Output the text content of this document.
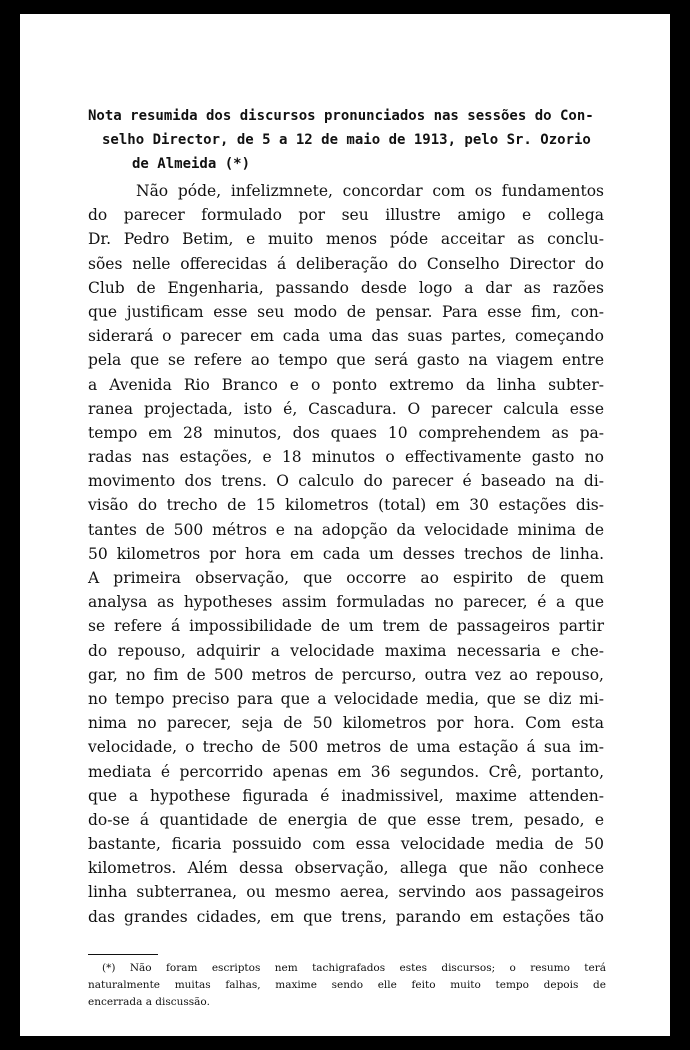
Nota resumida dos discursos pronunciados nas sessões do Con-
selho Director, de 5 a 12 de maio de 1913, pelo Sr. Ozorio
de Almeida (*)
Não póde, infelizmnete, concordar com os fundamentos
do parecer formulado por seu illustre amigo e collega
Dr. Pedro Betim, e muito menos póde acceitar as conclu-
sões nelle offerecidas á deliberação do Conselho Director do
Club de Engenharia, passando desde logo a dar as razões
que justificam esse seu modo de pensar. Para esse fim, con-
siderará o parecer em cada uma das suas partes, começando
pela que se refere ao tempo que será gasto na viagem entre
a Avenida Rio Branco e o ponto extremo da linha subter-
ranea projectada, isto é, Cascadura. O parecer calcula esse
tempo em 28 minutos, dos quaes 10 comprehendem as pa-
radas nas estações, e 18 minutos o effectivamente gasto no
movimento dos trens. O calculo do parecer é baseado na di-
visão do trecho de 15 kilometros (total) em 30 estações dis-
tantes de 500 métros e na adopção da velocidade minima de
50 kilometros por hora em cada um desses trechos de linha.
A primeira observação, que occorre ao espirito de quem
analysa as hypotheses assim formuladas no parecer, é a que
se refere á impossibilidade de um trem de passageiros partir
do repouso, adquirir a velocidade maxima necessaria e che-
gar, no fim de 500 metros de percurso, outra vez ao repouso,
no tempo preciso para que a velocidade media, que se diz mi-
nima no parecer, seja de 50 kilometros por hora. Com esta
velocidade, o trecho de 500 metros de uma estação á sua im-
mediata é percorrido apenas em 36 segundos. Crê, portanto,
que a hypothese figurada é inadmissivel, maxime attenden-
do-se á quantidade de energia de que esse trem, pesado, e
bastante, ficaria possuido com essa velocidade media de 50
kilometros. Além dessa observação, allega que não conhece
linha subterranea, ou mesmo aerea, servindo aos passageiros
das grandes cidades, em que trens, parando em estações tão
(*) Não foram escriptos nem tachigrafados estes discursos; o resumo terá
naturalmente muitas falhas, maxime sendo elle feito muito tempo depois de
encerrada a discussão.
